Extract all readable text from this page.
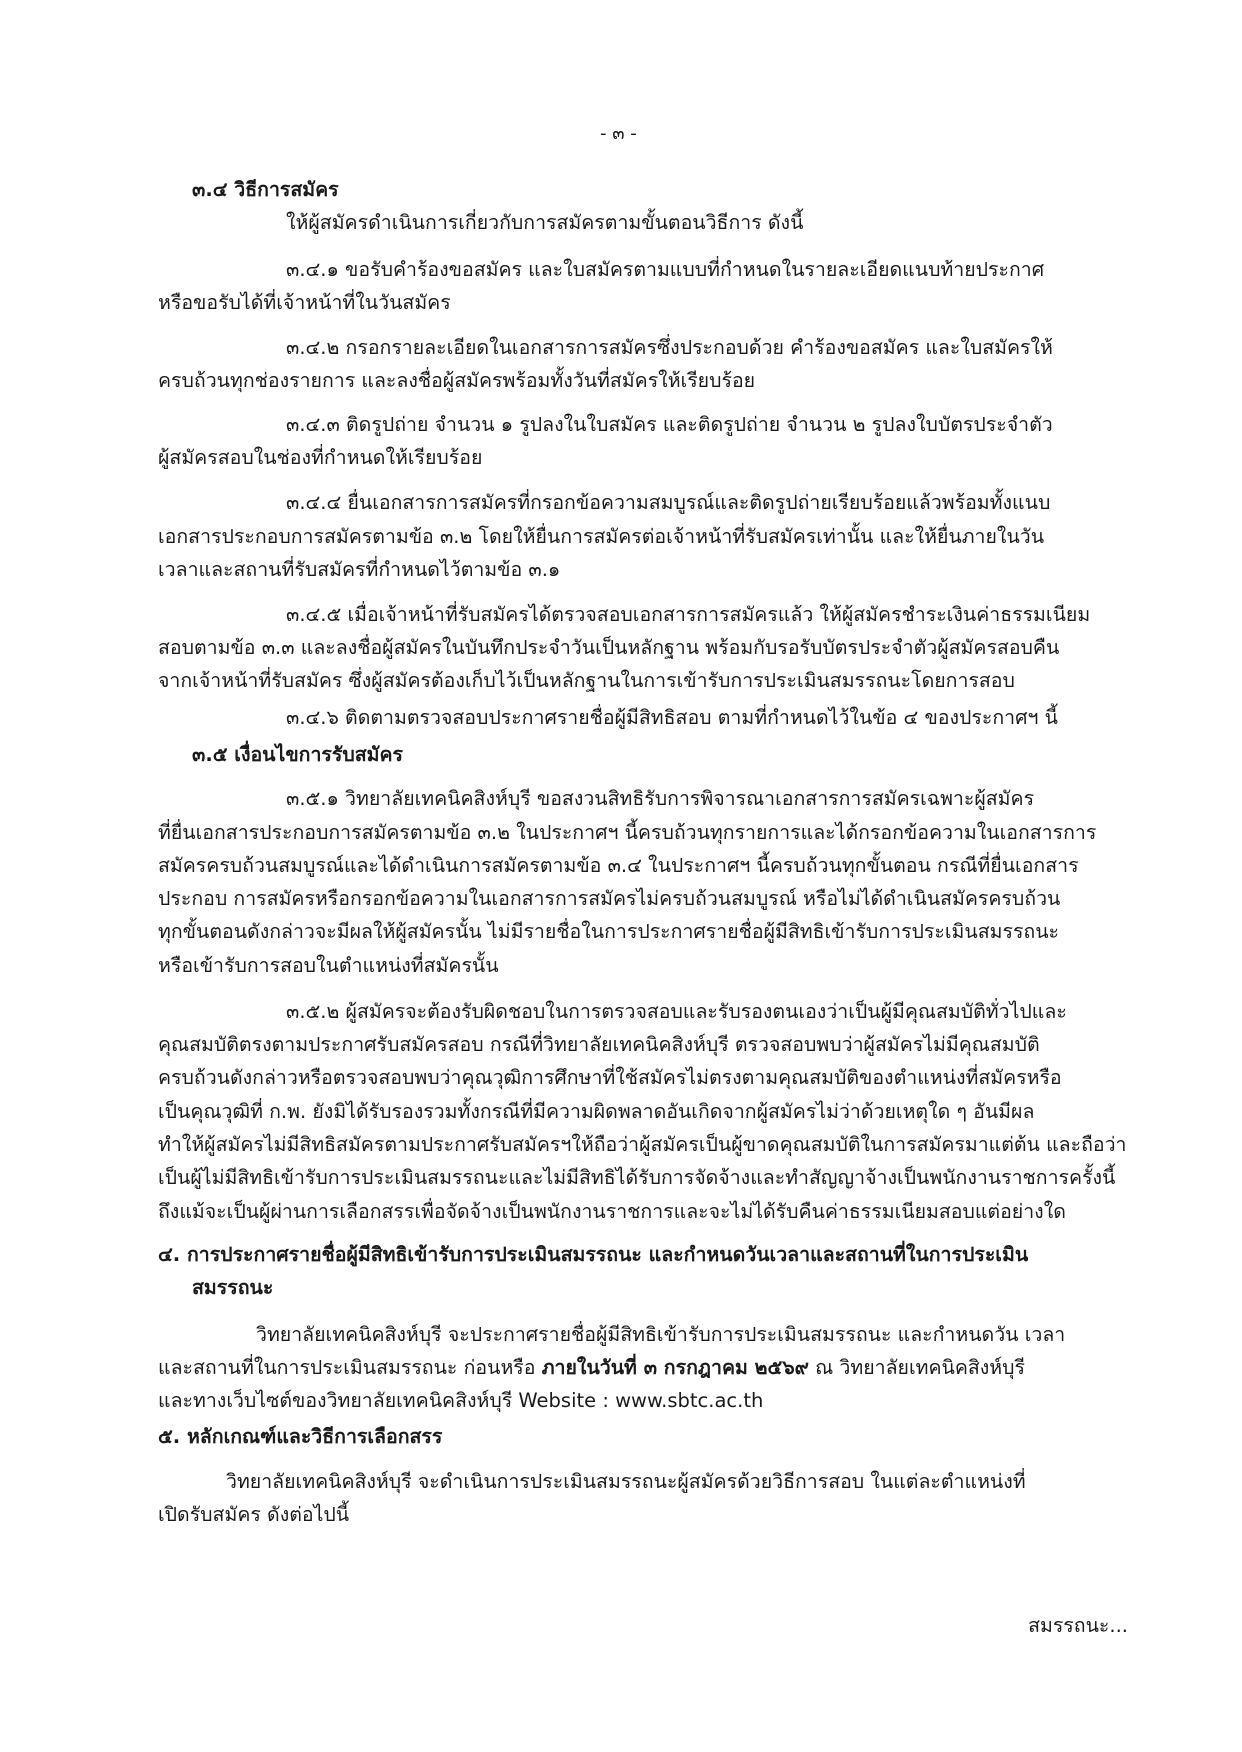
- ๓ -
๓.๔ วิธีการสมัคร
ให้ผู้สมัครดำเนินการเกี่ยวกับการสมัครตามขั้นตอนวิธีการ ดังนี้
๓.๔.๑ ขอรับคำร้องขอสมัคร และใบสมัครตามแบบที่กำหนดในรายละเอียดแนบท้ายประกาศ
หรือขอรับได้ที่เจ้าหน้าที่ในวันสมัคร
๓.๔.๒ กรอกรายละเอียดในเอกสารการสมัครซึ่งประกอบด้วย คำร้องขอสมัคร และใบสมัครให้
ครบถ้วนทุกช่องรายการ และลงชื่อผู้สมัครพร้อมทั้งวันที่สมัครให้เรียบร้อย
๓.๔.๓ ติดรูปถ่าย จำนวน ๑ รูปลงในใบสมัคร และติดรูปถ่าย จำนวน ๒ รูปลงใบบัตรประจำตัว
ผู้สมัครสอบในช่องที่กำหนดให้เรียบร้อย
๓.๔.๔ ยื่นเอกสารการสมัครที่กรอกข้อความสมบูรณ์และติดรูปถ่ายเรียบร้อยแล้วพร้อมทั้งแนบ
เอกสารประกอบการสมัครตามข้อ ๓.๒ โดยให้ยื่นการสมัครต่อเจ้าหน้าที่รับสมัครเท่านั้น และให้ยื่นภายในวัน
เวลาและสถานที่รับสมัครที่กำหนดไว้ตามข้อ ๓.๑
๓.๔.๕ เมื่อเจ้าหน้าที่รับสมัครได้ตรวจสอบเอกสารการสมัครแล้ว ให้ผู้สมัครชำระเงินค่าธรรมเนียม
สอบตามข้อ ๓.๓ และลงชื่อผู้สมัครในบันทึกประจำวันเป็นหลักฐาน พร้อมกับรอรับบัตรประจำตัวผู้สมัครสอบคืน
จากเจ้าหน้าที่รับสมัคร ซึ่งผู้สมัครต้องเก็บไว้เป็นหลักฐานในการเข้ารับการประเมินสมรรถนะโดยการสอบ
๓.๔.๖ ติดตามตรวจสอบประกาศรายชื่อผู้มีสิทธิสอบ ตามที่กำหนดไว้ในข้อ ๔ ของประกาศฯ นี้
๓.๕ เงื่อนไขการรับสมัคร
๓.๕.๑ วิทยาลัยเทคนิคสิงห์บุรี ขอสงวนสิทธิรับการพิจารณาเอกสารการสมัครเฉพาะผู้สมัคร
ที่ยื่นเอกสารประกอบการสมัครตามข้อ ๓.๒ ในประกาศฯ นี้ครบถ้วนทุกรายการและได้กรอกข้อความในเอกสารการ
สมัครครบถ้วนสมบูรณ์และได้ดำเนินการสมัครตามข้อ ๓.๔ ในประกาศฯ นี้ครบถ้วนทุกขั้นตอน กรณีที่ยื่นเอกสาร
ประกอบ การสมัครหรือกรอกข้อความในเอกสารการสมัครไม่ครบถ้วนสมบูรณ์ หรือไม่ได้ดำเนินสมัครครบถ้วน
ทุกขั้นตอนดังกล่าวจะมีผลให้ผู้สมัครนั้น ไม่มีรายชื่อในการประกาศรายชื่อผู้มีสิทธิเข้ารับการประเมินสมรรถนะ
หรือเข้ารับการสอบในตำแหน่งที่สมัครนั้น
๓.๕.๒ ผู้สมัครจะต้องรับผิดชอบในการตรวจสอบและรับรองตนเองว่าเป็นผู้มีคุณสมบัติทั่วไปและ
คุณสมบัติตรงตามประกาศรับสมัครสอบ กรณีที่วิทยาลัยเทคนิคสิงห์บุรี ตรวจสอบพบว่าผู้สมัครไม่มีคุณสมบัติ
ครบถ้วนดังกล่าวหรือตรวจสอบพบว่าคุณวุฒิการศึกษาที่ใช้สมัครไม่ตรงตามคุณสมบัติของตำแหน่งที่สมัครหรือ
เป็นคุณวุฒิที่ ก.พ. ยังมิได้รับรองรวมทั้งกรณีที่มีความผิดพลาดอันเกิดจากผู้สมัครไม่ว่าด้วยเหตุใด ๆ อันมีผล
ทำให้ผู้สมัครไม่มีสิทธิสมัครตามประกาศรับสมัครฯให้ถือว่าผู้สมัครเป็นผู้ขาดคุณสมบัติในการสมัครมาแต่ต้น และถือว่า
เป็นผู้ไม่มีสิทธิเข้ารับการประเมินสมรรถนะและไม่มีสิทธิได้รับการจัดจ้างและทำสัญญาจ้างเป็นพนักงานราชการครั้งนี้
ถึงแม้จะเป็นผู้ผ่านการเลือกสรรเพื่อจัดจ้างเป็นพนักงานราชการและจะไม่ได้รับคืนค่าธรรมเนียมสอบแต่อย่างใด
๔. การประกาศรายชื่อผู้มีสิทธิเข้ารับการประเมินสมรรถนะ และกำหนดวันเวลาและสถานที่ในการประเมิน
สมรรถนะ
วิทยาลัยเทคนิคสิงห์บุรี จะประกาศรายชื่อผู้มีสิทธิเข้ารับการประเมินสมรรถนะ และกำหนดวัน เวลา
และสถานที่ในการประเมินสมรรถนะ ก่อนหรือ ภายในวันที่ ๓ กรกฎาคม ๒๕๖๙ ณ วิทยาลัยเทคนิคสิงห์บุรี
และทางเว็บไซต์ของวิทยาลัยเทคนิคสิงห์บุรี Website : www.sbtc.ac.th
๕. หลักเกณฑ์และวิธีการเลือกสรร
วิทยาลัยเทคนิคสิงห์บุรี จะดำเนินการประเมินสมรรถนะผู้สมัครด้วยวิธีการสอบ ในแต่ละตำแหน่งที่
เปิดรับสมัคร ดังต่อไปนี้
สมรรถนะ...
